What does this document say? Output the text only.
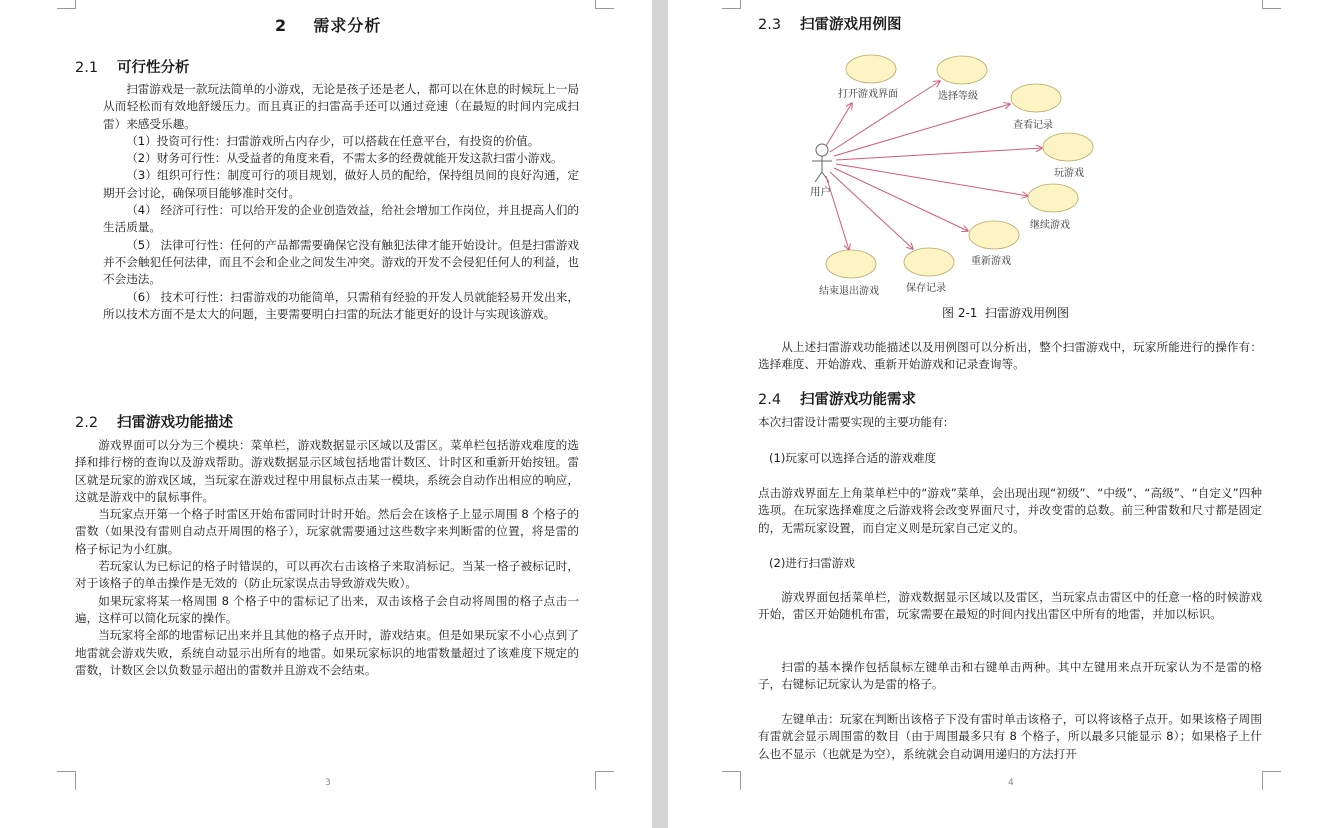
2    需求分析
2.1 可行性分析

扫雷游戏是一款玩法简单的小游戏，无论是孩子还是老人，都可以在休息的时候玩上一局从而轻松而有效地舒缓压力。而且真正的扫雷高手还可以通过竞速（在最短的时间内完成扫雷）来感受乐趣。

（1）投资可行性：扫雷游戏所占内存少，可以搭载在任意平台，有投资的价值。

（2）财务可行性：从受益者的角度来看，不需太多的经费就能开发这款扫雷小游戏。

（3）组织可行性：制度可行的项目规划，做好人员的配给，保持组员间的良好沟通，定期开会讨论，确保项目能够准时交付。

（4） 经济可行性：可以给开发的企业创造效益，给社会增加工作岗位，并且提高人们的生活质量。

（5） 法律可行性：任何的产品都需要确保它没有触犯法律才能开始设计。但是扫雷游戏并不会触犯任何法律，而且不会和企业之间发生冲突。游戏的开发不会侵犯任何人的利益，也不会违法。

（6） 技术可行性：扫雷游戏的功能简单，只需稍有经验的开发人员就能轻易开发出来，所以技术方面不是太大的问题，主要需要明白扫雷的玩法才能更好的设计与实现该游戏。

2.2 扫雷游戏功能描述

游戏界面可以分为三个模块：菜单栏，游戏数据显示区域以及雷区。菜单栏包括游戏难度的选择和排行榜的查询以及游戏帮助。游戏数据显示区域包括地雷计数区、计时区和重新开始按钮。雷区就是玩家的游戏区域，当玩家在游戏过程中用鼠标点击某一模块，系统会自动作出相应的响应，这就是游戏中的鼠标事件。

当玩家点开第一个格子时雷区开始布雷同时计时开始。然后会在该格子上显示周围 8 个格子的雷数（如果没有雷则自动点开周围的格子），玩家就需要通过这些数字来判断雷的位置，将是雷的格子标记为小红旗。

若玩家认为已标记的格子时错误的，可以再次右击该格子来取消标记。当某一格子被标记时，对于该格子的单击操作是无效的（防止玩家误点击导致游戏失败）。

如果玩家将某一格周围 8 个格子中的雷标记了出来，双击该格子会自动将周围的格子点击一遍，这样可以简化玩家的操作。

当玩家将全部的地雷标记出来并且其他的格子点开时，游戏结束。但是如果玩家不小心点到了地雷就会游戏失败，系统自动显示出所有的地雷。如果玩家标识的地雷数量超过了该难度下规定的雷数，计数区会以负数显示超出的雷数并且游戏不会结束。

3
2.3 扫雷游戏用例图
用户
打开游戏界面	选择等级
查看记录
玩游戏
继续游戏
重新游戏
保存记录
结束退出游戏
图 2-1  扫雷游戏用例图

从上述扫雷游戏功能描述以及用例图可以分析出，整个扫雷游戏中，玩家所能进行的操作有：选择难度、开始游戏、重新开始游戏和记录查询等。

2.4 扫雷游戏功能需求

本次扫雷设计需要实现的主要功能有:

(1)玩家可以选择合适的游戏难度

点击游戏界面左上角菜单栏中的“游戏”菜单，会出现出现“初级”、“中级”、“高级”、“自定义”四种选项。在玩家选择难度之后游戏将会改变界面尺寸，并改变雷的总数。前三种雷数和尺寸都是固定的，无需玩家设置，而自定义则是玩家自己定义的。

(2)进行扫雷游戏

游戏界面包括菜单栏，游戏数据显示区域以及雷区，当玩家点击雷区中的任意一格的时候游戏开始，雷区开始随机布雷，玩家需要在最短的时间内找出雷区中所有的地雷，并加以标识。

扫雷的基本操作包括鼠标左键单击和右键单击两种。其中左键用来点开玩家认为不是雷的格子，右键标记玩家认为是雷的格子。

左键单击：玩家在判断出该格子下没有雷时单击该格子，可以将该格子点开。如果该格子周围有雷就会显示周围雷的数目（由于周围最多只有 8 个格子，所以最多只能显示 8）；如果格子上什么也不显示（也就是为空），系统就会自动调用递归的方法打开

4
